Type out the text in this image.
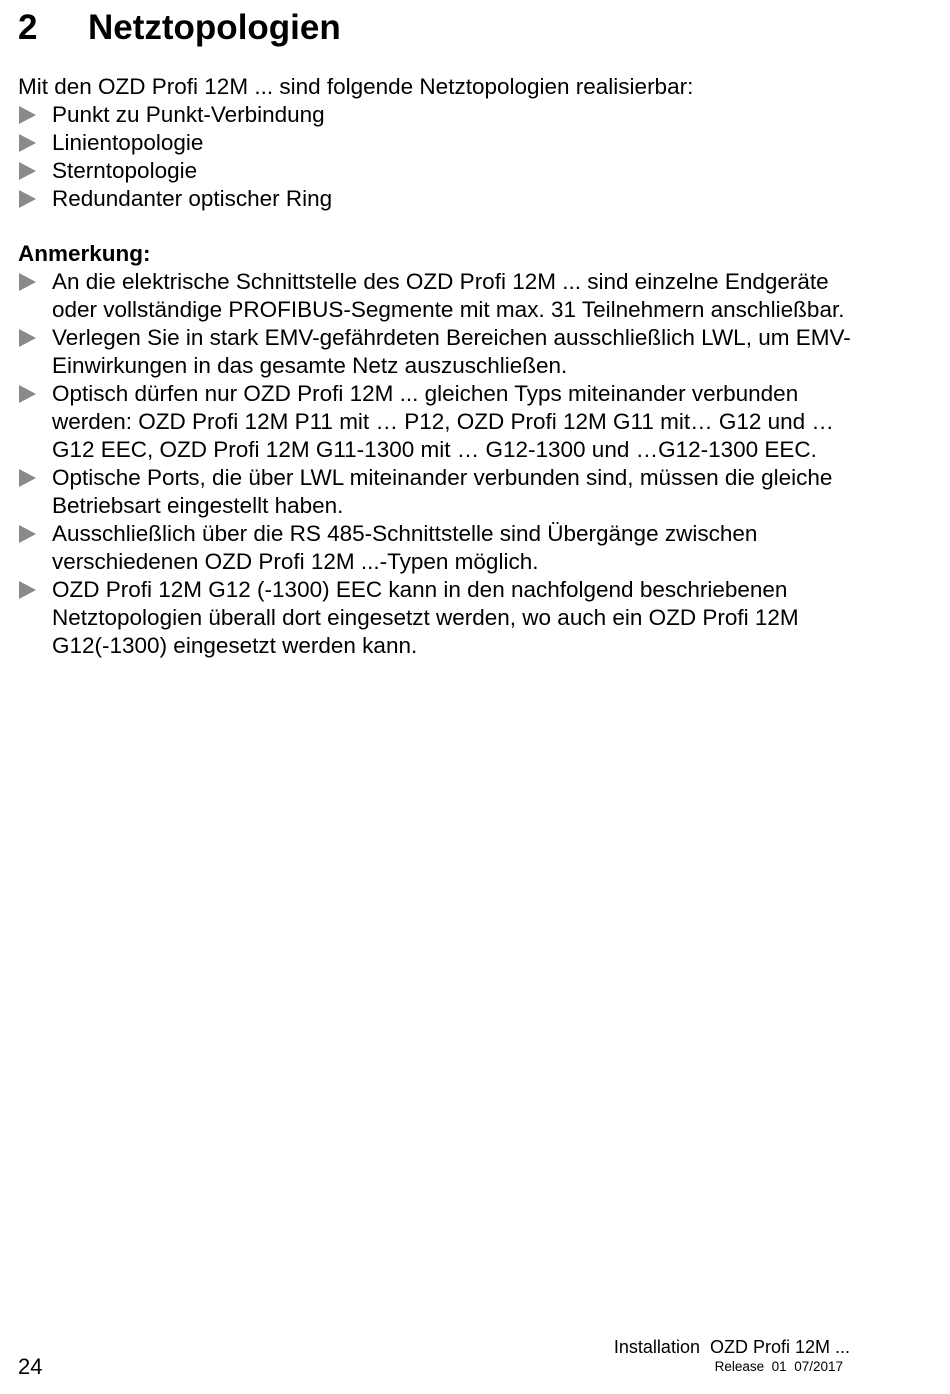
2 Netztopologien
Mit den OZD Profi 12M ... sind folgende Netztopologien realisierbar:
Punkt zu Punkt-Verbindung
Linientopologie
Sterntopologie
Redundanter optischer Ring
Anmerkung:
An die elektrische Schnittstelle des OZD Profi 12M ... sind einzelne Endgeräte oder vollständige PROFIBUS-Segmente mit max. 31 Teilnehmern anschließbar.
Verlegen Sie in stark EMV-gefährdeten Bereichen ausschließlich LWL, um EMV-Einwirkungen in das gesamte Netz auszuschließen.
Optisch dürfen nur OZD Profi 12M ... gleichen Typs miteinander verbunden werden: OZD Profi 12M P11 mit … P12, OZD Profi 12M G11 mit… G12 und …G12 EEC, OZD Profi 12M G11-1300 mit … G12-1300 und …G12-1300 EEC.
Optische Ports, die über LWL miteinander verbunden sind, müssen die gleiche Betriebsart eingestellt haben.
Ausschließlich über die RS 485-Schnittstelle sind Übergänge zwischen verschiedenen OZD Profi 12M ...-Typen möglich.
OZD Profi 12M G12 (-1300) EEC kann in den nachfolgend beschriebenen Netztopologien überall dort eingesetzt werden, wo auch ein OZD Profi 12M G12(-1300) eingesetzt werden kann.
24
Installation  OZD Profi 12M ...
Release  01  07/2017
